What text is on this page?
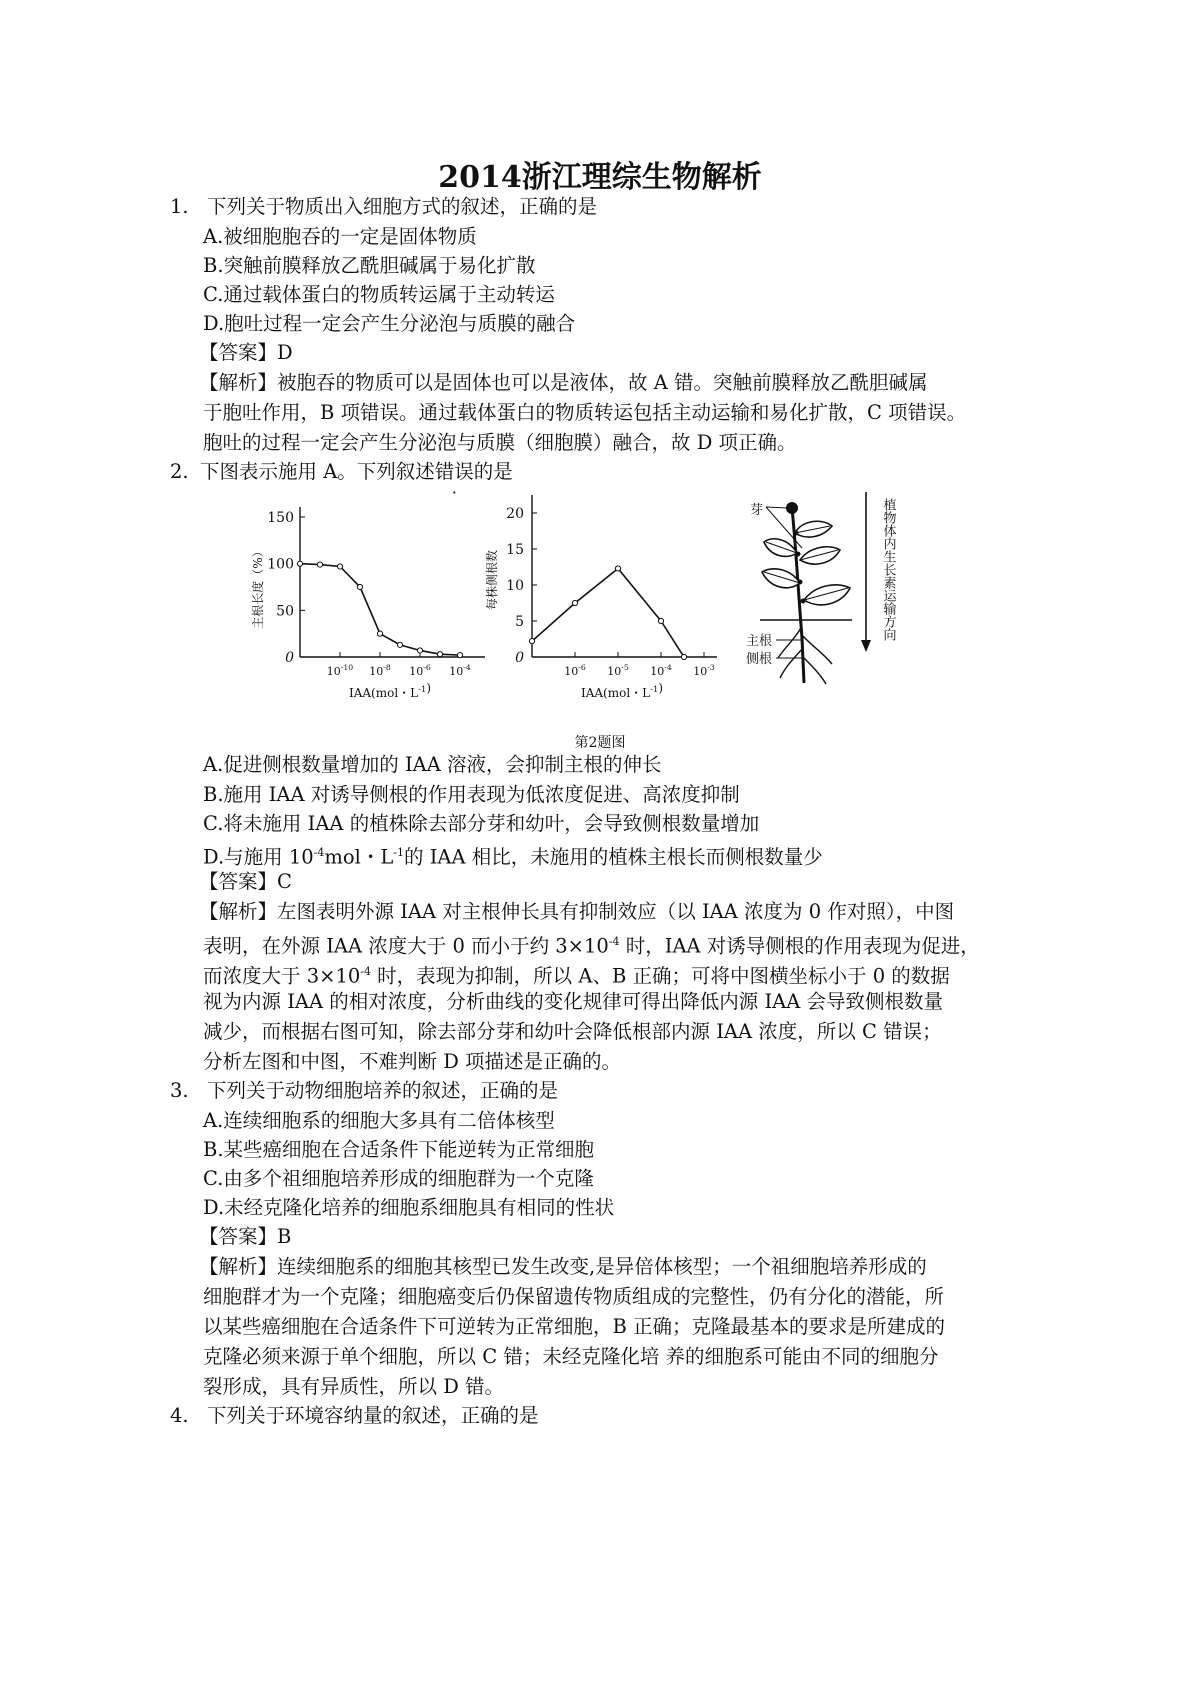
2014浙江理综生物解析
1. 下列关于物质出入细胞方式的叙述，正确的是
A.被细胞胞吞的一定是固体物质
B.突触前膜释放乙酰胆碱属于易化扩散
C.通过载体蛋白的物质转运属于主动转运
D.胞吐过程一定会产生分泌泡与质膜的融合
【答案】D
【解析】被胞吞的物质可以是固体也可以是液体，故 A 错。突触前膜释放乙酰胆碱属
于胞吐作用，B 项错误。通过载体蛋白的物质转运包括主动运输和易化扩散，C 项错误。
胞吐的过程一定会产生分泌泡与质膜（细胞膜）融合，故 D 项正确。
2. 下图表示施用 A。下列叙述错误的是
0
50
100
150
$10^{-10}$ $10^{-8}$ $10^{-6}$ $10^{-4}$
主根长度（%）
IAA(mol・$L^{-1}$)
0
5
10
15
20
$10^{-6}$ $10^{-5}$ $10^{-4}$ $10^{-3}$
每株侧根数
IAA(mol・$L^{-1}$)
芽
主根
侧根
植物体内生长素运输方向
第2题图
A.促进侧根数量增加的 IAA 溶液，会抑制主根的伸长
B.施用 IAA 对诱导侧根的作用表现为低浓度促进、高浓度抑制
C.将未施用 IAA 的植株除去部分芽和幼叶，会导致侧根数量增加
D.与施用 $10^{-4}mol$・$L^{-1}$的 IAA 相比，未施用的植株主根长而侧根数量少
【答案】C
【解析】左图表明外源 IAA 对主根伸长具有抑制效应（以 IAA 浓度为 0 作对照），中图
表明，在外源 IAA 浓度大于 0 而小于约 $3\times 10^{-4}$ 时，IAA 对诱导侧根的作用表现为促进，
而浓度大于 $3\times 10^{-4}$ 时，表现为抑制，所以 A、B 正确；可将中图横坐标小于 0 的数据
视为内源 IAA 的相对浓度，分析曲线的变化规律可得出降低内源 IAA 会导致侧根数量
减少，而根据右图可知，除去部分芽和幼叶会降低根部内源 IAA 浓度，所以 C 错误；
分析左图和中图，不难判断 D 项描述是正确的。
3. 下列关于动物细胞培养的叙述，正确的是
A.连续细胞系的细胞大多具有二倍体核型
B.某些癌细胞在合适条件下能逆转为正常细胞
C.由多个祖细胞培养形成的细胞群为一个克隆
D.未经克隆化培养的细胞系细胞具有相同的性状
【答案】B
【解析】连续细胞系的细胞其核型已发生改变,是异倍体核型；一个祖细胞培养形成的
细胞群才为一个克隆；细胞癌变后仍保留遗传物质组成的完整性，仍有分化的潜能，所
以某些癌细胞在合适条件下可逆转为正常细胞，B 正确；克隆最基本的要求是所建成的
克隆必须来源于单个细胞，所以 C 错；未经克隆化培 养的细胞系可能由不同的细胞分
裂形成，具有异质性，所以 D 错。
4. 下列关于环境容纳量的叙述，正确的是
